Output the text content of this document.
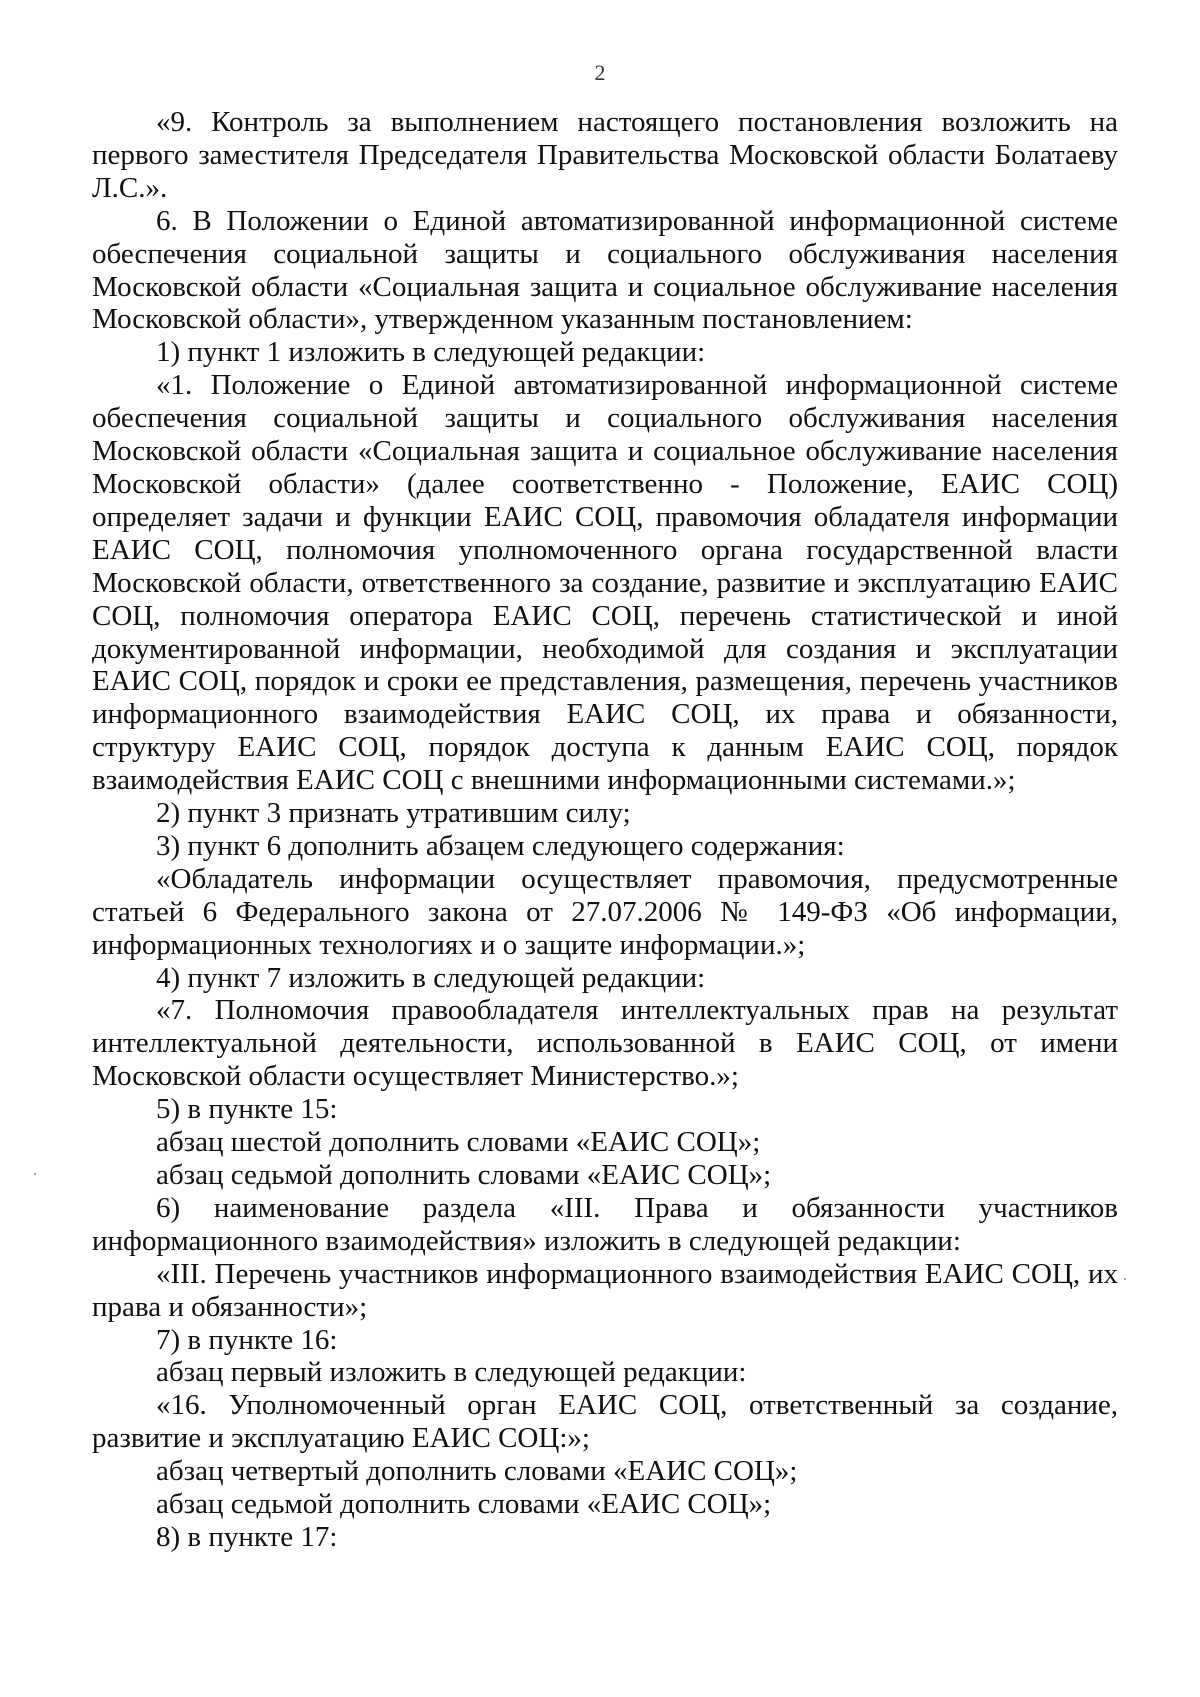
2

«9. Контроль за выполнением настоящего постановления возложить на первого заместителя Председателя Правительства Московской области Болатаеву Л.С.».

6. В Положении о Единой автоматизированной информационной системе обеспечения социальной защиты и социального обслуживания населения Московской области «Социальная защита и социальное обслуживание населения Московской области», утвержденном указанным постановлением:

1) пункт 1 изложить в следующей редакции:

«1. Положение о Единой автоматизированной информационной системе обеспечения социальной защиты и социального обслуживания населения Московской области «Социальная защита и социальное обслуживание населения Московской области» (далее соответственно - Положение, ЕАИС СОЦ) определяет задачи и функции ЕАИС СОЦ, правомочия обладателя информации ЕАИС СОЦ, полномочия уполномоченного органа государственной власти Московской области, ответственного за создание, развитие и эксплуатацию ЕАИС СОЦ, полномочия оператора ЕАИС СОЦ, перечень статистической и иной документированной информации, необходимой для создания и эксплуатации ЕАИС СОЦ, порядок и сроки ее представления, размещения, перечень участников информационного взаимодействия ЕАИС СОЦ, их права и обязанности, структуру ЕАИС СОЦ, порядок доступа к данным ЕАИС СОЦ, порядок взаимодействия ЕАИС СОЦ с внешними информационными системами.»;

2) пункт 3 признать утратившим силу;

3) пункт 6 дополнить абзацем следующего содержания:

«Обладатель информации осуществляет правомочия, предусмотренные статьей 6 Федерального закона от 27.07.2006 № 149-ФЗ «Об информации, информационных технологиях и о защите информации.»;

4) пункт 7 изложить в следующей редакции:

«7. Полномочия правообладателя интеллектуальных прав на результат интеллектуальной деятельности, использованной в ЕАИС СОЦ, от имени Московской области осуществляет Министерство.»;

5) в пункте 15:

абзац шестой дополнить словами «ЕАИС СОЦ»;

абзац седьмой дополнить словами «ЕАИС СОЦ»;

6) наименование раздела «III. Права и обязанности участников информационного взаимодействия» изложить в следующей редакции:

«III. Перечень участников информационного взаимодействия ЕАИС СОЦ, их права и обязанности»;

7) в пункте 16:

абзац первый изложить в следующей редакции:

«16. Уполномоченный орган ЕАИС СОЦ, ответственный за создание, развитие и эксплуатацию ЕАИС СОЦ:»;

абзац четвертый дополнить словами «ЕАИС СОЦ»;

абзац седьмой дополнить словами «ЕАИС СОЦ»;

8) в пункте 17:
